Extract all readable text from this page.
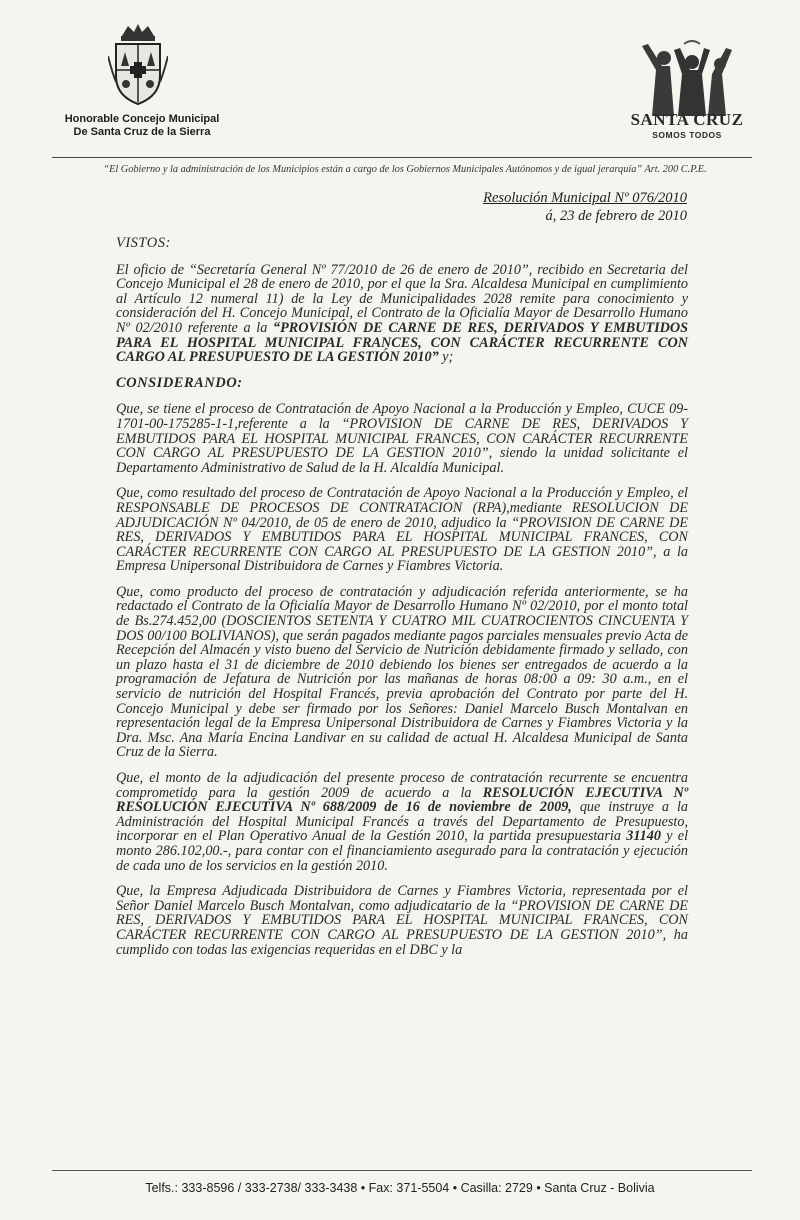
Honorable Concejo Municipal
De Santa Cruz de la Sierra
SANTA CRUZ
SOMOS TODOS
“El Gobierno y la administración de los Municipios están a cargo de los Gobiernos Municipales Autónomos y de igual jerarquía” Art. 200 C.P.E.
Resolución Municipal Nº 076/2010
á, 23 de febrero de 2010
VISTOS:

El oficio de “Secretaría General Nº 77/2010 de 26 de enero de 2010”, recibido en Secretaria del Concejo Municipal el 28 de enero de 2010, por el que la Sra. Alcaldesa Municipal en cumplimiento al Artículo 12 numeral 11) de la Ley de Municipalidades 2028 remite para conocimiento y consideración del H. Concejo Municipal, el Contrato de la Oficialía Mayor de Desarrollo Humano Nº 02/2010 referente a la “PROVISIÓN DE CARNE DE RES, DERIVADOS Y EMBUTIDOS PARA EL HOSPITAL MUNICIPAL FRANCES, CON CARÁCTER RECURRENTE CON CARGO AL PRESUPUESTO DE LA GESTIÓN 2010” y;

CONSIDERANDO:

Que, se tiene el proceso de Contratación de Apoyo Nacional a la Producción y Empleo, CUCE 09-1701-00-175285-1-1,referente a la “PROVISION DE CARNE DE RES, DERIVADOS Y EMBUTIDOS PARA EL HOSPITAL MUNICIPAL FRANCES, CON CARÁCTER RECURRENTE CON CARGO AL PRESUPUESTO DE LA GESTION 2010”, siendo la unidad solicitante el Departamento Administrativo de Salud de la H. Alcaldía Municipal.

Que, como resultado del proceso de Contratación de Apoyo Nacional a la Producción y Empleo, el RESPONSABLE DE PROCESOS DE CONTRATACION (RPA),mediante RESOLUCION DE ADJUDICACIÓN Nº 04/2010, de 05 de enero de 2010, adjudico la “PROVISION DE CARNE DE RES, DERIVADOS Y EMBUTIDOS PARA EL HOSPITAL MUNICIPAL FRANCES, CON CARÁCTER RECURRENTE CON CARGO AL PRESUPUESTO DE LA GESTION 2010”, a la Empresa Unipersonal Distribuidora de Carnes y Fiambres Victoria.

Que, como producto del proceso de contratación y adjudicación referida anteriormente, se ha redactado el Contrato de la Oficialía Mayor de Desarrollo Humano Nº 02/2010, por el monto total de Bs.274.452,00 (DOSCIENTOS SETENTA Y CUATRO MIL CUATROCIENTOS CINCUENTA Y DOS 00/100 BOLIVIANOS), que serán pagados mediante pagos parciales mensuales previo Acta de Recepción del Almacén y visto bueno del Servicio de Nutrición debidamente firmado y sellado, con un plazo hasta el 31 de diciembre de 2010 debiendo los bienes ser entregados de acuerdo a la programación de Jefatura de Nutrición por las mañanas de horas 08:00 a 09: 30 a.m., en el servicio de nutrición del Hospital Francés, previa aprobación del Contrato por parte del H. Concejo Municipal y debe ser firmado por los Señores: Daniel Marcelo Busch Montalvan en representación legal de la Empresa Unipersonal Distribuidora de Carnes y Fiambres Victoria y la Dra. Msc. Ana María Encina Landivar en su calidad de actual H. Alcaldesa Municipal de Santa Cruz de la Sierra.

Que, el monto de la adjudicación del presente proceso de contratación recurrente se encuentra comprometido para la gestión 2009 de acuerdo a la RESOLUCIÓN EJECUTIVA Nº RESOLUCIÓN EJECUTIVA Nº 688/2009 de 16 de noviembre de 2009, que instruye a la Administración del Hospital Municipal Francés a través del Departamento de Presupuesto, incorporar en el Plan Operativo Anual de la Gestión 2010, la partida presupuestaria 31140 y el monto 286.102,00.-, para contar con el financiamiento asegurado para la contratación y ejecución de cada uno de los servicios en la gestión 2010.

Que, la Empresa Adjudicada Distribuidora de Carnes y Fiambres Victoria, representada por el Señor Daniel Marcelo Busch Montalvan, como adjudicatario de la “PROVISION DE CARNE DE RES, DERIVADOS Y EMBUTIDOS PARA EL HOSPITAL MUNICIPAL FRANCES, CON CARÁCTER RECURRENTE CON CARGO AL PRESUPUESTO DE LA GESTION 2010”, ha cumplido con todas las exigencias requeridas en el DBC y la

Telfs.: 333-8596 / 333-2738/ 333-3438 • Fax: 371-5504 • Casilla: 2729 • Santa Cruz - Bolivia
